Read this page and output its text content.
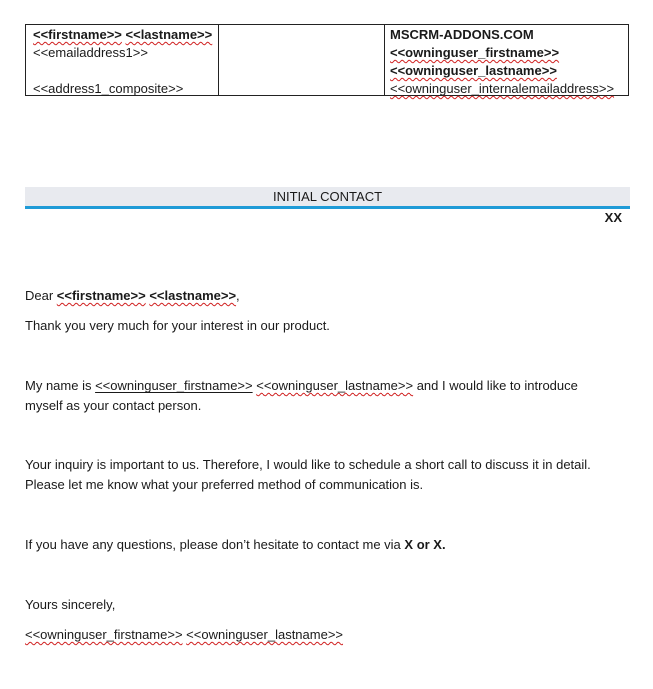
<<firstname>> <<lastname>>
<<emailaddress1>>
<<address1_composite>>
MSCRM-ADDONS.COM
<<owninguser_firstname>>
<<owninguser_lastname>>
<<owninguser_internalemailaddress>>
INITIAL CONTACT
XX
Dear <<firstname>> <<lastname>>,
Thank you very much for your interest in our product.
My name is <<owninguser_firstname>> <<owninguser_lastname>> and I would like to introduce
myself as your contact person.
Your inquiry is important to us. Therefore, I would like to schedule a short call to discuss it in detail.
Please let me know what your preferred method of communication is.
If you have any questions, please don’t hesitate to contact me via X or X.
Yours sincerely,
<<owninguser_firstname>> <<owninguser_lastname>>
